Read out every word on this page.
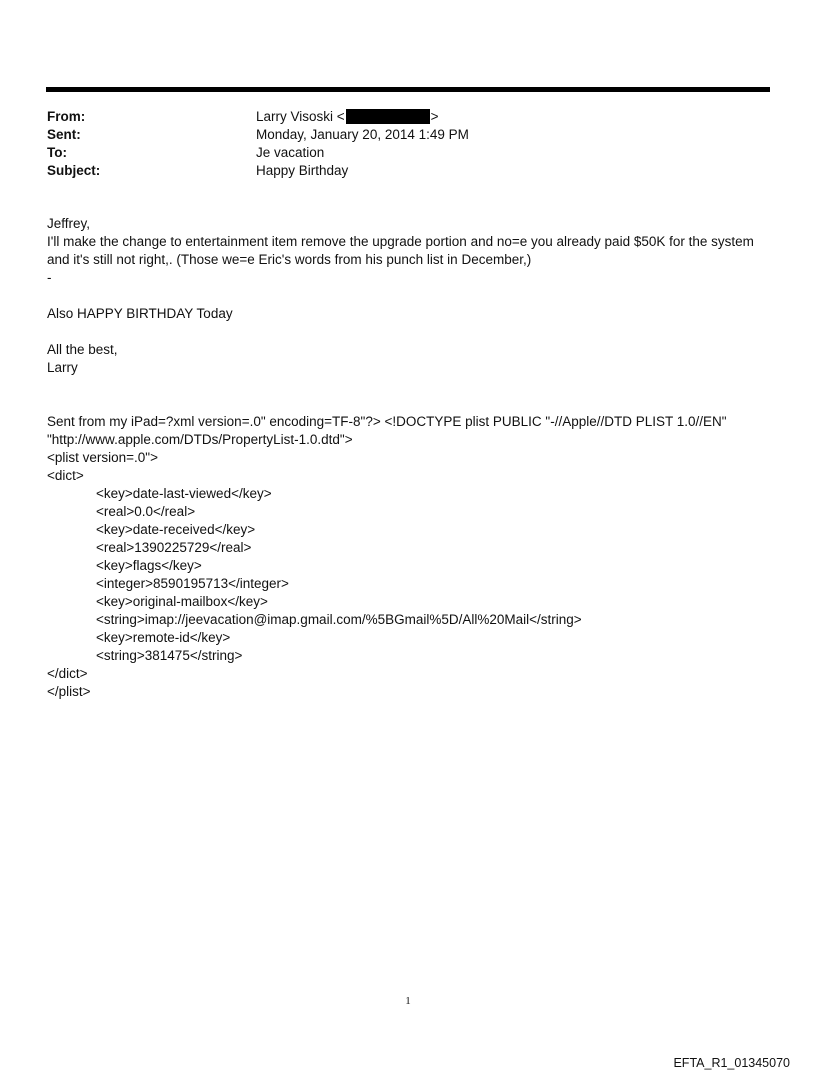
From:	Larry Visoski <	>
Sent:	Monday, January 20, 2014 1:49 PM
To:	Je vacation
Subject:	Happy Birthday

Jeffrey,

I'll make the change to entertainment item remove the upgrade portion and no=e you already paid $50K for the system

and it's still not right,. (Those we=e Eric's words from his punch list in December,)

-

Also HAPPY BIRTHDAY Today

All the best,

Larry

Sent from my iPad=?xml version=.0" encoding=TF-8"?> <!DOCTYPE plist PUBLIC "-//Apple//DTD PLIST 1.0//EN"

"http://www.apple.com/DTDs/PropertyList-1.0.dtd">

<plist version=.0">

<dict>

<key>date-last-viewed</key>

<real>0.0</real>

<key>date-received</key>

<real>1390225729</real>

<key>flags</key>

<integer>8590195713</integer>

<key>original-mailbox</key>

<string>imap://jeevacation@imap.gmail.com/%5BGmail%5D/All%20Mail</string>

<key>remote-id</key>

<string>381475</string>

</dict>

</plist>

1
EFTA_R1_01345070
